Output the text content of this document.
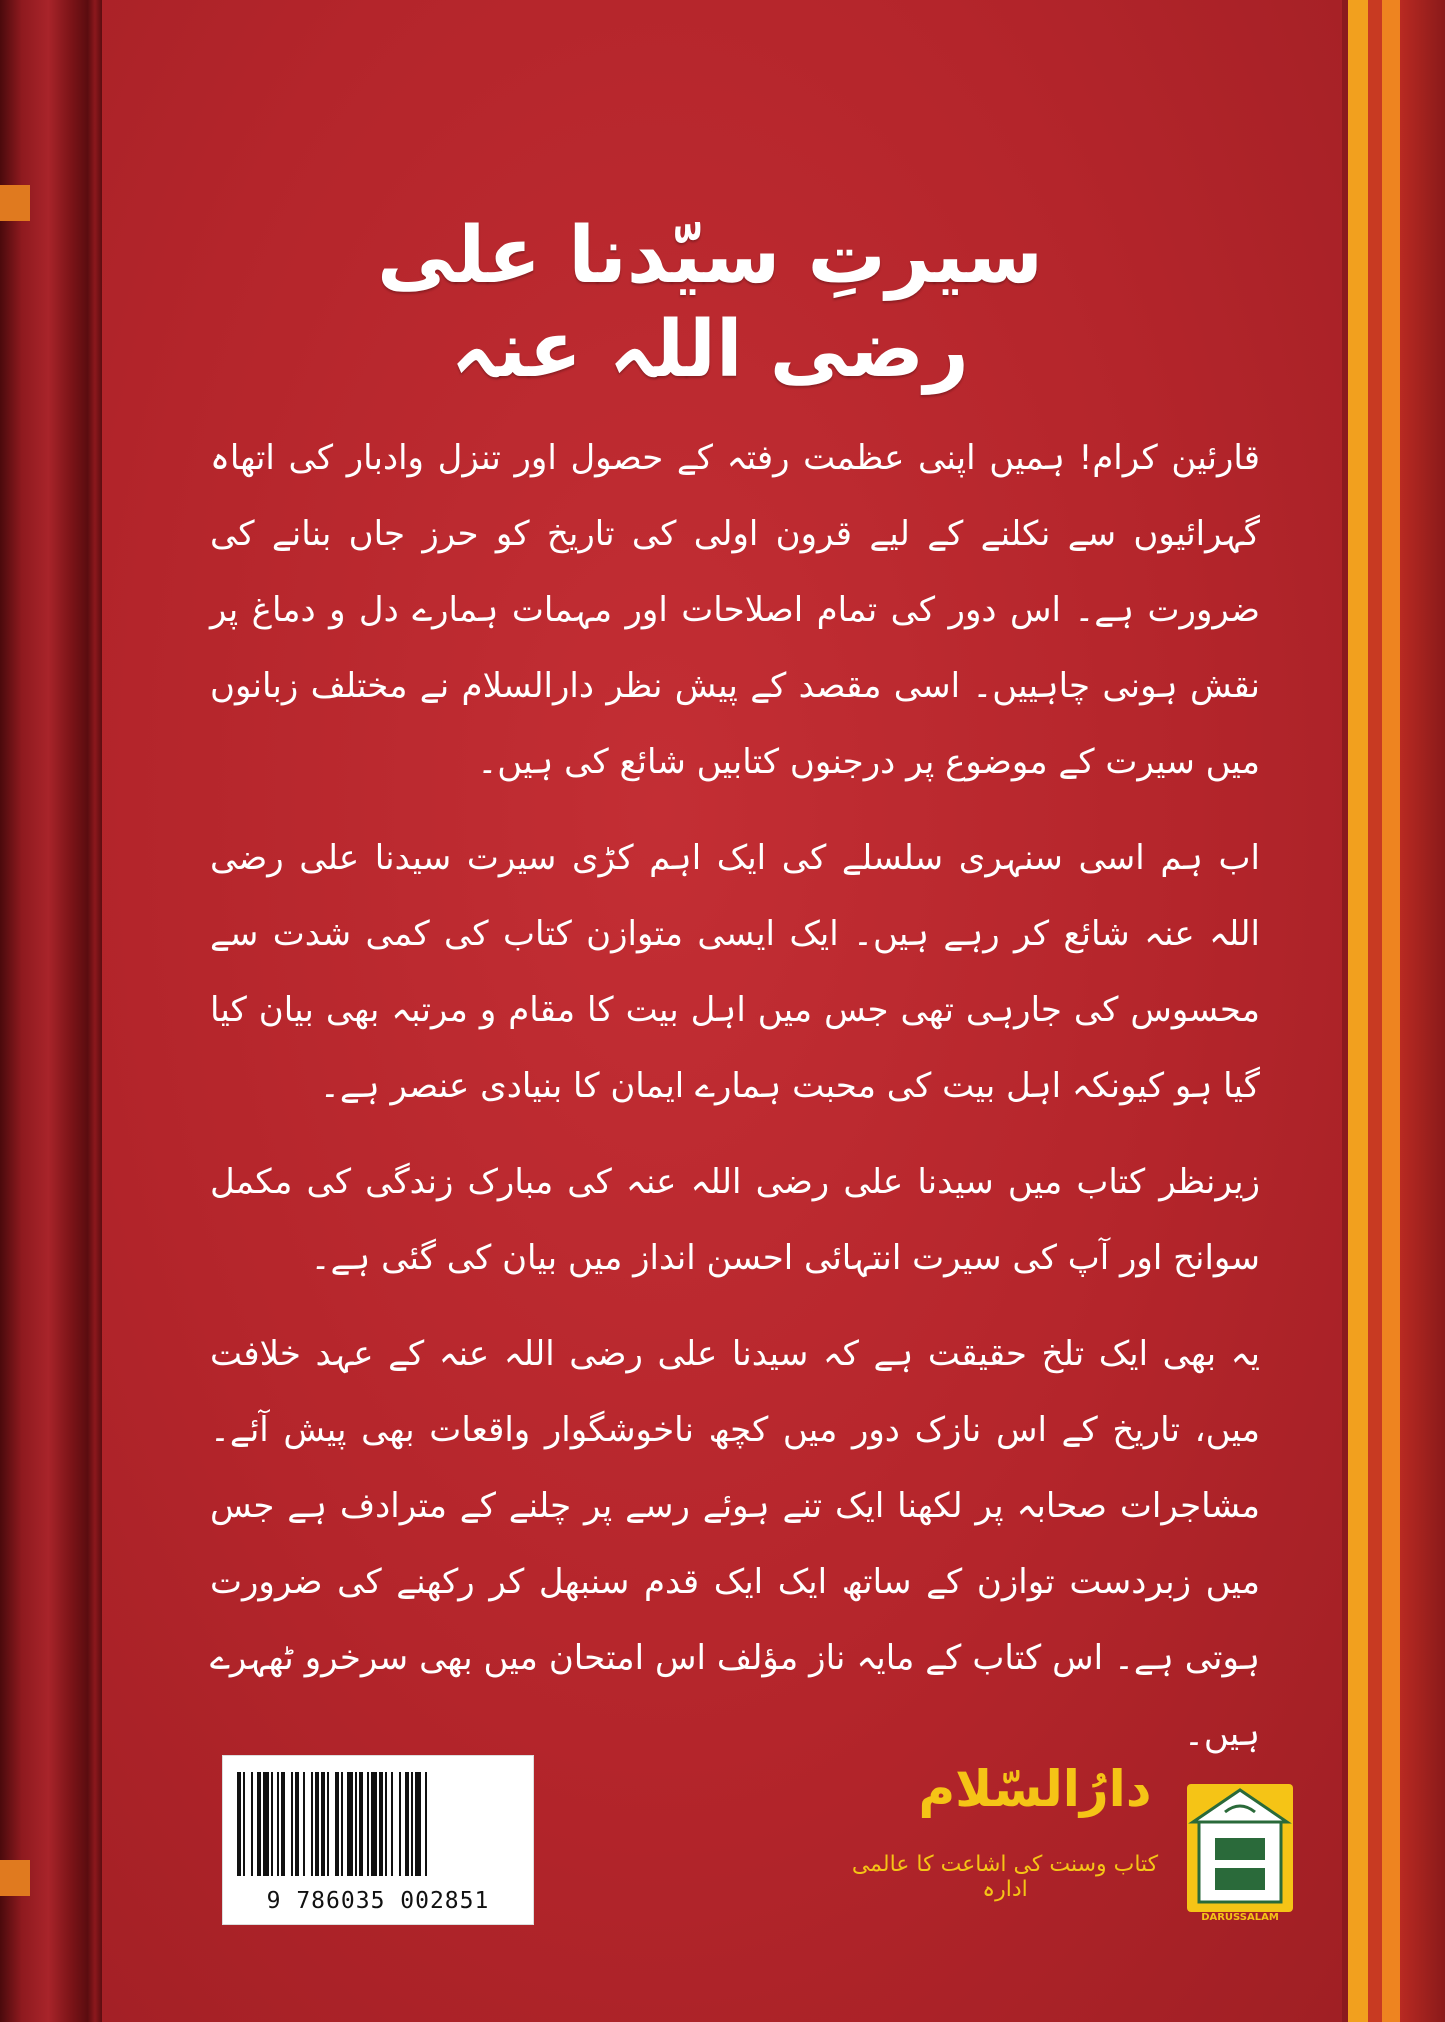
سیرتِ سیّدنا علی رضی اللہ عنہ

قارئین کرام! ہمیں اپنی عظمت رفتہ کے حصول اور تنزل وادبار کی اتھاہ گہرائیوں سے نکلنے کے لیے قرون اولی کی تاریخ کو حرز جاں بنانے کی ضرورت ہے۔ اس دور کی تمام اصلاحات اور مہمات ہمارے دل و دماغ پر نقش ہونی چاہییں۔ اسی مقصد کے پیش نظر دارالسلام نے مختلف زبانوں میں سیرت کے موضوع پر درجنوں کتابیں شائع کی ہیں۔

اب ہم اسی سنہری سلسلے کی ایک اہم کڑی سیرت سیدنا علی رضی اللہ عنہ شائع کر رہے ہیں۔ ایک ایسی متوازن کتاب کی کمی شدت سے محسوس کی جارہی تھی جس میں اہل بیت کا مقام و مرتبہ بھی بیان کیا گیا ہو کیونکہ اہل بیت کی محبت ہمارے ایمان کا بنیادی عنصر ہے۔

زیرنظر کتاب میں سیدنا علی رضی اللہ عنہ کی مبارک زندگی کی مکمل سوانح اور آپ کی سیرت انتہائی احسن انداز میں بیان کی گئی ہے۔

یہ بھی ایک تلخ حقیقت ہے کہ سیدنا علی رضی اللہ عنہ کے عہد خلافت میں، تاریخ کے اس نازک دور میں کچھ ناخوشگوار واقعات بھی پیش آئے۔ مشاجرات صحابہ پر لکھنا ایک تنے ہوئے رسے پر چلنے کے مترادف ہے جس میں زبردست توازن کے ساتھ ایک ایک قدم سنبھل کر رکھنے کی ضرورت ہوتی ہے۔ اس کتاب کے مایہ ناز مؤلف اس امتحان میں بھی سرخرو ٹھہرے ہیں۔

9 786035 002851
دارُالسّلام
کتاب وسنت کی اشاعت کا عالمی ادارہ
DARUSSALAM
